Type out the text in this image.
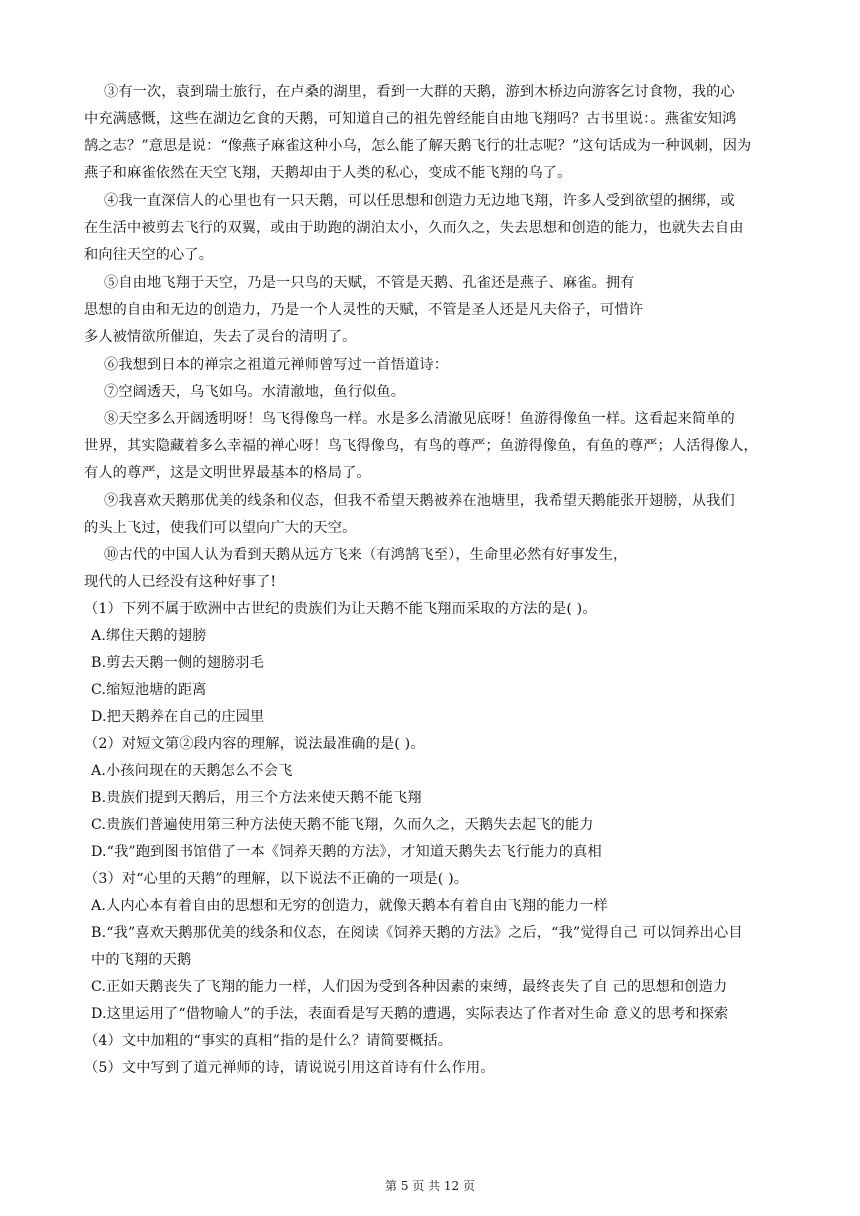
③有一次，袁到瑞士旅行，在卢桑的湖里，看到一大群的天鹅，游到木桥边向游客乞讨食物，我的心
中充满感慨，这些在湖边乞食的天鹅，可知道自己的祖先曾经能自由地飞翔吗？古书里说：。燕雀安知鸿
鹄之志？”意思是说：“像燕子麻雀这种小乌，怎么能了解天鹅飞行的壮志呢？”这句话成为一种讽刺，因为
燕子和麻雀依然在天空飞翔，天鹅却由于人类的私心，变成不能飞翔的乌了。
④我一直深信人的心里也有一只天鹅，可以任思想和创造力无边地飞翔，许多人受到欲望的捆绑，或
在生活中被剪去飞行的双翼，或由于助跑的湖泊太小，久而久之，失去思想和创造的能力，也就失去自由
和向往天空的心了。
⑤自由地飞翔于天空，乃是一只鸟的天赋，不管是天鹅、孔雀还是燕子、麻雀。拥有
思想的自由和无边的创造力，乃是一个人灵性的天赋，不管是圣人还是凡夫俗子，可惜许
多人被情欲所催迫，失去了灵台的清明了。
⑥我想到日本的禅宗之祖道元禅师曾写过一首悟道诗：
⑦空阔透天，乌飞如乌。水清澈地，鱼行似鱼。
⑧天空多么开阔透明呀！鸟飞得像鸟一样。水是多么清澈见底呀！鱼游得像鱼一样。这看起来简单的
世界，其实隐藏着多么幸福的禅心呀！鸟飞得像鸟，有鸟的尊严；鱼游得像鱼，有鱼的尊严；人活得像人，
有人的尊严，这是文明世界最基本的格局了。
⑨我喜欢天鹅那优美的线条和仪态，但我不希望天鹅被养在池塘里，我希望天鹅能张开翅膀，从我们
的头上飞过，使我们可以望向广大的天空。
⑩古代的中国人认为看到天鹅从远方飞来（有鸿鹄飞至），生命里必然有好事发生，
现代的人已经没有这种好事了!
（1）下列不属于欧洲中古世纪的贵族们为让天鹅不能飞翔而采取的方法的是( )。
A.绑住天鹅的翅膀
B.剪去天鹅一侧的翅膀羽毛
C.缩短池塘的距离
D.把天鹅养在自己的庄园里
（2）对短文第②段内容的理解，说法最准确的是( )。
A.小孩问现在的天鹅怎么不会飞
B.贵族们提到天鹅后，用三个方法来使天鹅不能飞翔
C.贵族们普遍使用第三种方法使天鹅不能飞翔，久而久之，天鹅失去起飞的能力
D.“我”跑到图书馆借了一本《饲养天鹅的方法》，才知道天鹅失去飞行能力的真相
（3）对“心里的天鹅”的理解，以下说法不正确的一项是( )。
A.人内心本有着自由的思想和无穷的创造力，就像天鹅本有着自由飞翔的能力一样
B.“我”喜欢天鹅那优美的线条和仪态，在阅读《饲养天鹅的方法》之后，“我”觉得自己 可以饲养出心目
中的飞翔的天鹅
C.正如天鹅丧失了飞翔的能力一样，人们因为受到各种因素的束缚，最终丧失了自 己的思想和创造力
D.这里运用了“借物喻人”的手法，表面看是写天鹅的遭遇，实际表达了作者对生命 意义的思考和探索
（4）文中加粗的“事实的真相”指的是什么？请简要概括。
（5）文中写到了道元禅师的诗，请说说引用这首诗有什么作用。
第 5 页 共 12 页
